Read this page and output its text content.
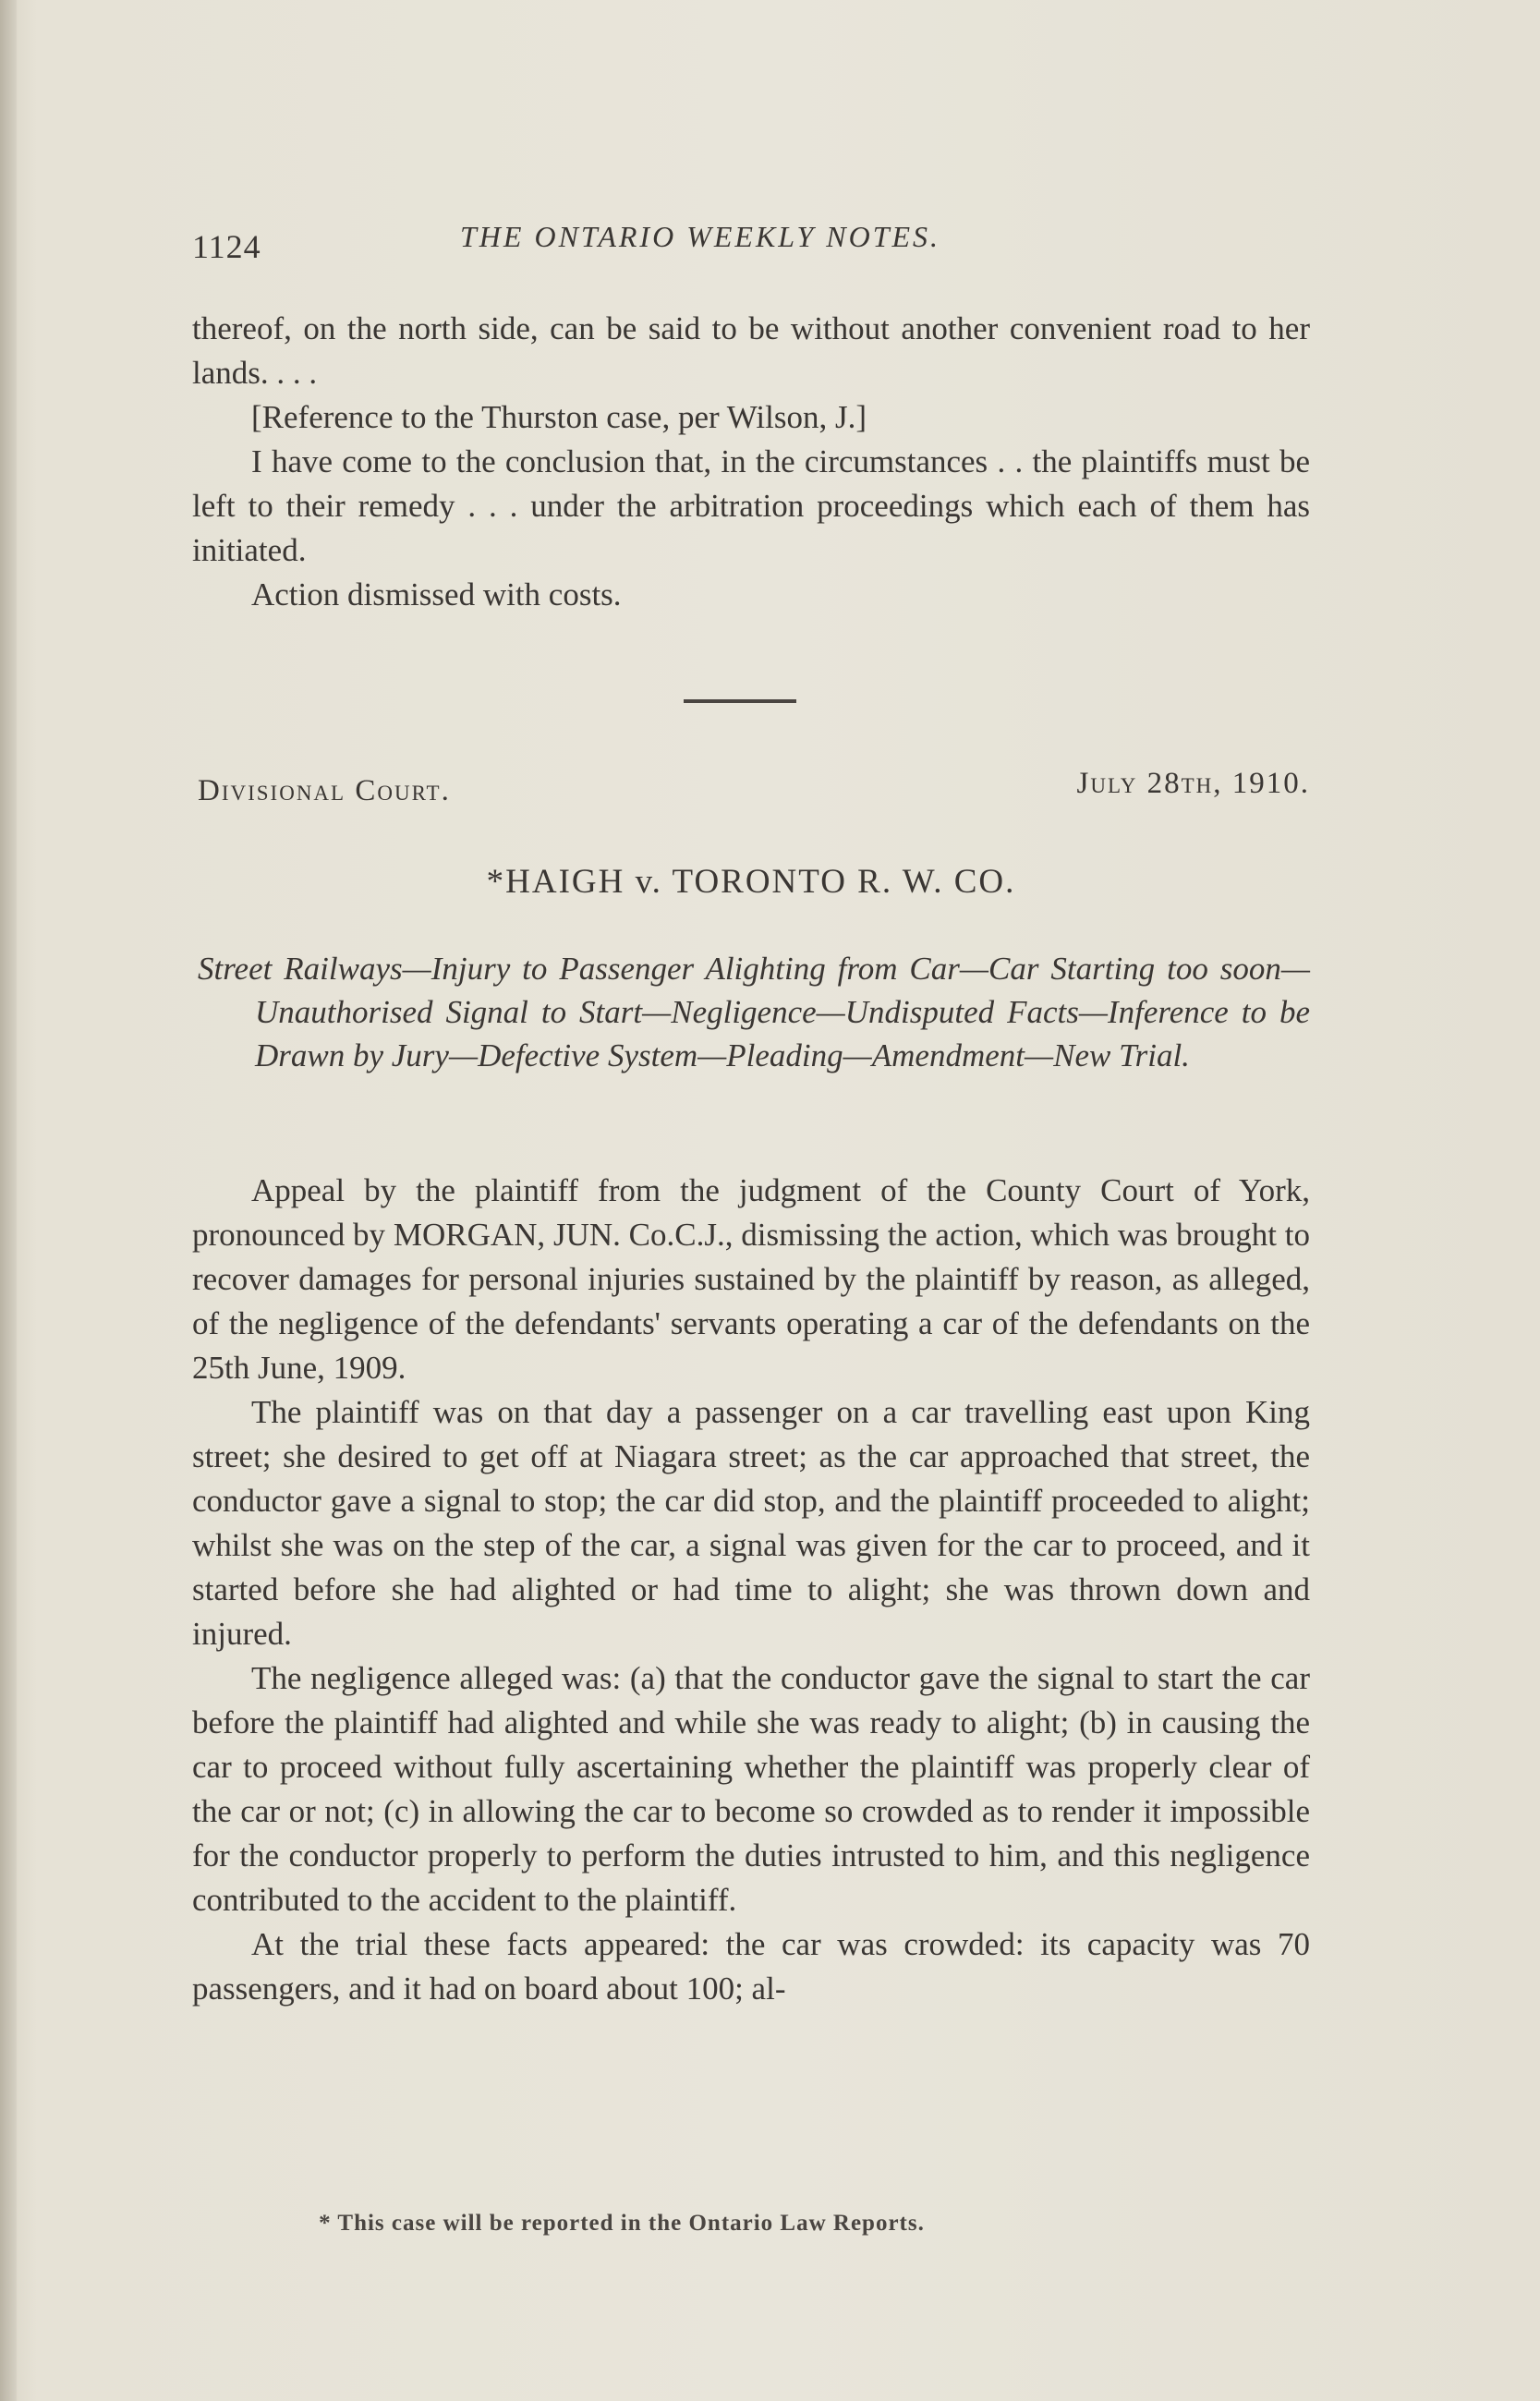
1124	THE ONTARIO WEEKLY NOTES.

thereof, on the north side, can be said to be without another convenient road to her lands. . . .

[Reference to the Thurston case, per Wilson, J.]

I have come to the conclusion that, in the circumstances . . the plaintiffs must be left to their remedy . . . under the arbitration proceedings which each of them has initiated.

Action dismissed with costs.

Divisional Court.	July 28th, 1910.
*HAIGH v. TORONTO R. W. CO.
Street Railways—Injury to Passenger Alighting from Car—Car Starting too soon—Unauthorised Signal to Start—Negligence—Undisputed Facts—Inference to be Drawn by Jury—Defective System—Pleading—Amendment—New Trial.

Appeal by the plaintiff from the judgment of the County Court of York, pronounced by MORGAN, JUN. Co.C.J., dismissing the action, which was brought to recover damages for personal injuries sustained by the plaintiff by reason, as alleged, of the negligence of the defendants' servants operating a car of the defendants on the 25th June, 1909.

The plaintiff was on that day a passenger on a car travelling east upon King street; she desired to get off at Niagara street; as the car approached that street, the conductor gave a signal to stop; the car did stop, and the plaintiff proceeded to alight; whilst she was on the step of the car, a signal was given for the car to proceed, and it started before she had alighted or had time to alight; she was thrown down and injured.

The negligence alleged was: (a) that the conductor gave the signal to start the car before the plaintiff had alighted and while she was ready to alight; (b) in causing the car to proceed without fully ascertaining whether the plaintiff was properly clear of the car or not; (c) in allowing the car to become so crowded as to render it impossible for the conductor properly to perform the duties intrusted to him, and this negligence contributed to the accident to the plaintiff.

At the trial these facts appeared: the car was crowded: its capacity was 70 passengers, and it had on board about 100; al-

* This case will be reported in the Ontario Law Reports.
